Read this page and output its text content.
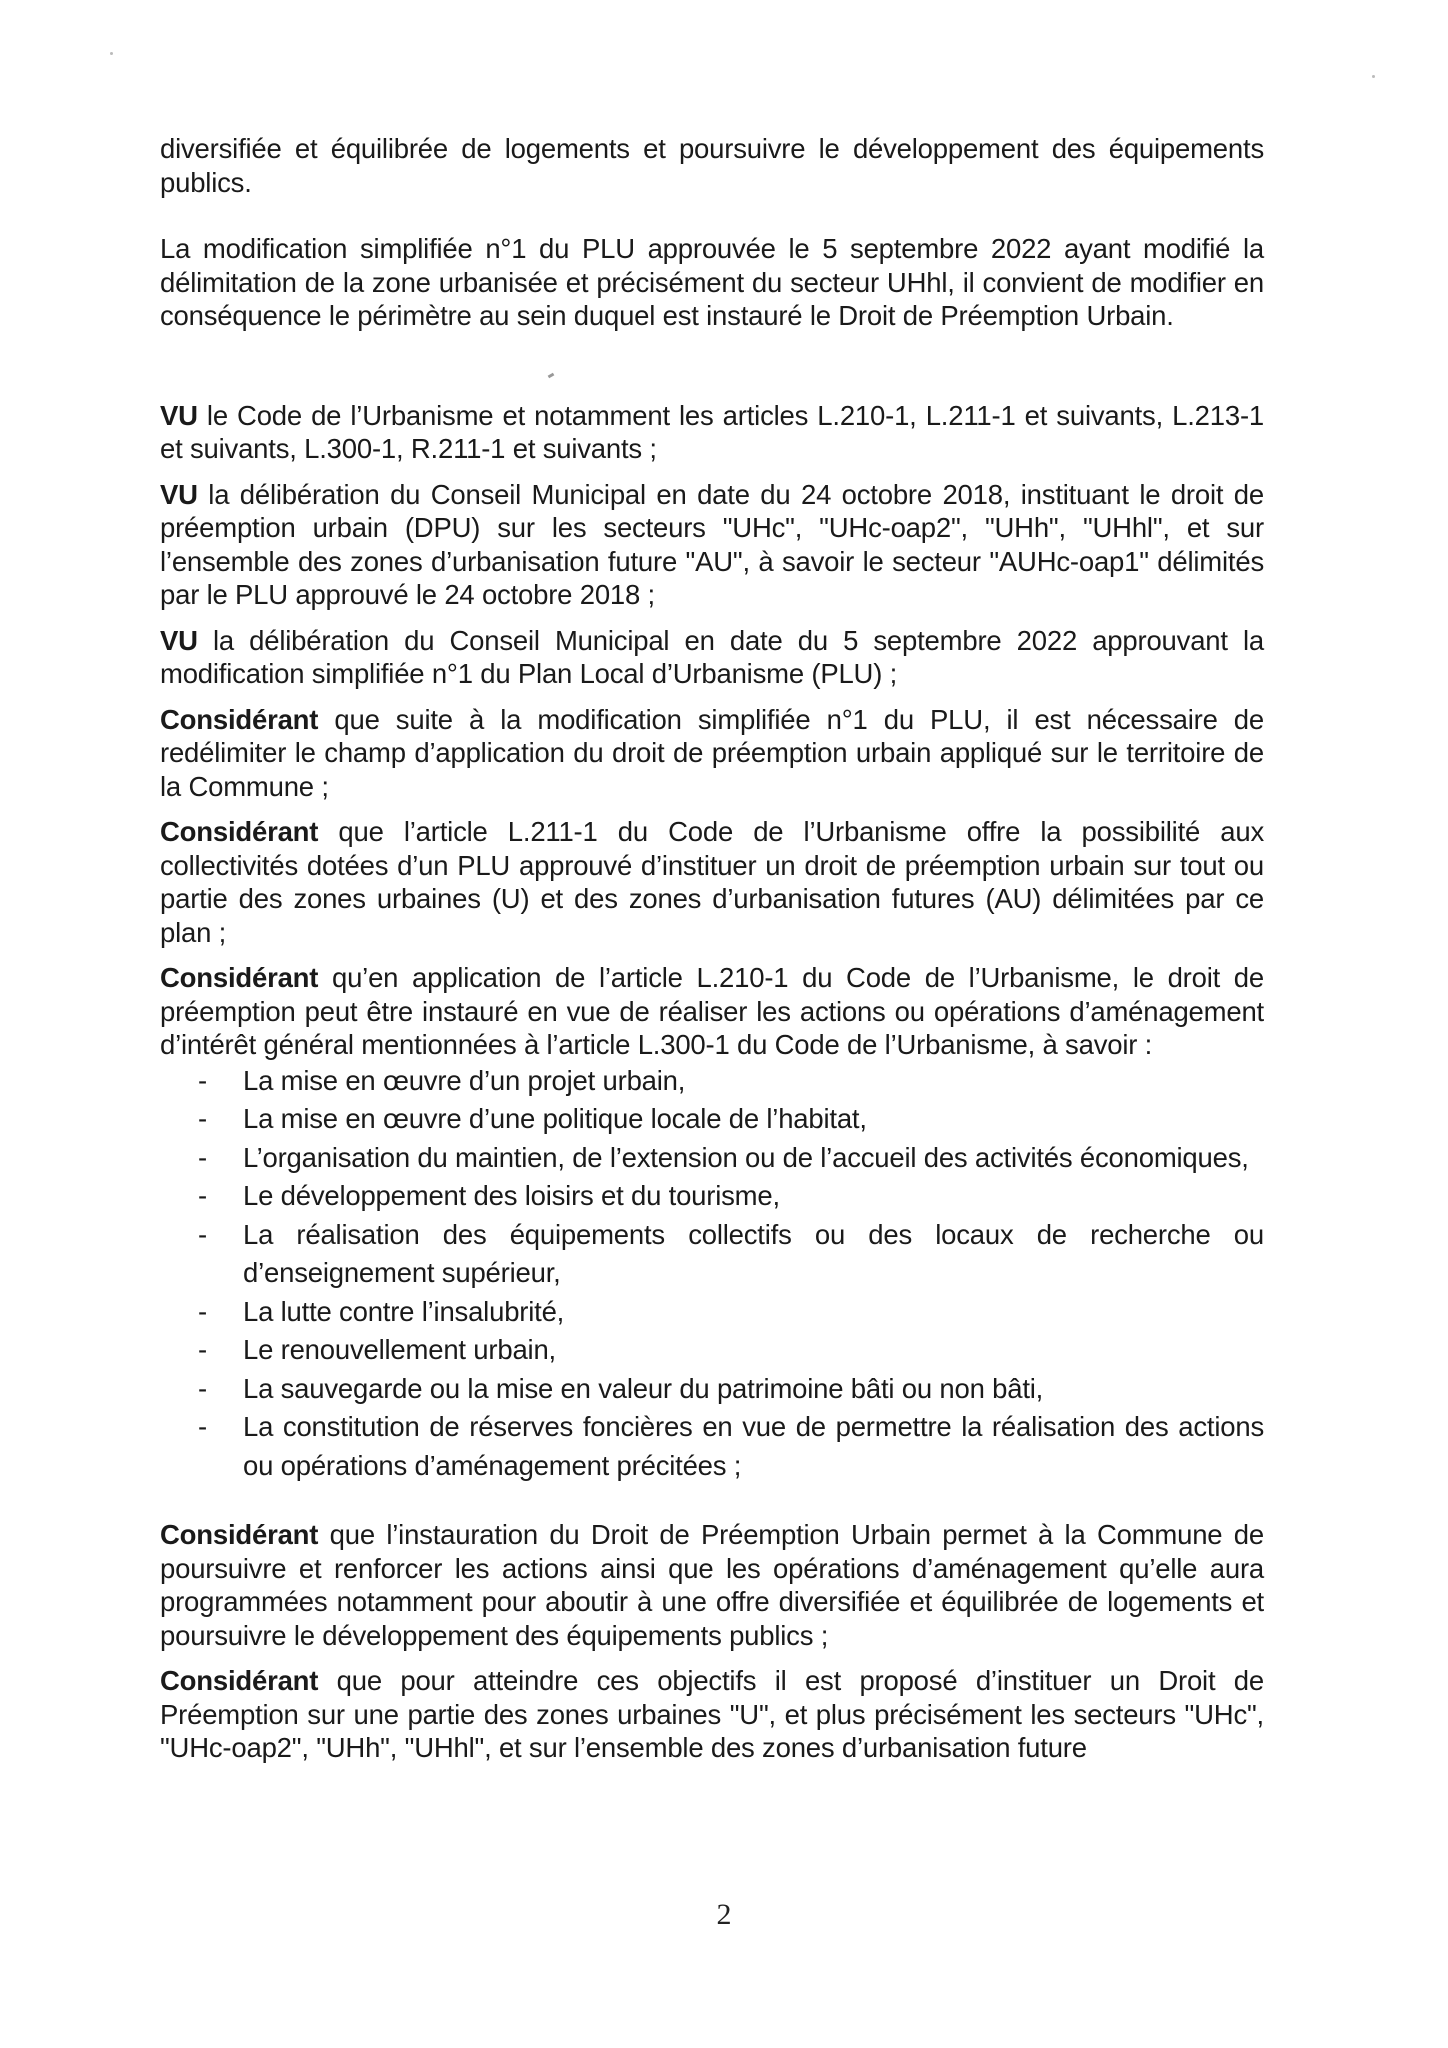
diversifiée et équilibrée de logements et poursuivre le développement des équipements publics.

La modification simplifiée n°1 du PLU approuvée le 5 septembre 2022 ayant modifié la délimitation de la zone urbanisée et précisément du secteur UHhl, il convient de modifier en conséquence le périmètre au sein duquel est instauré le Droit de Préemption Urbain.

VU le Code de l’Urbanisme et notamment les articles L.210-1, L.211-1 et suivants, L.213-1 et suivants, L.300-1, R.211-1 et suivants ;

VU la délibération du Conseil Municipal en date du 24 octobre 2018, instituant le droit de préemption urbain (DPU) sur les secteurs "UHc", "UHc-oap2", "UHh", "UHhl", et sur l’ensemble des zones d’urbanisation future "AU", à savoir le secteur "AUHc-oap1" délimités par le PLU approuvé le 24 octobre 2018 ;

VU la délibération du Conseil Municipal en date du 5 septembre 2022 approuvant la modification simplifiée n°1 du Plan Local d’Urbanisme (PLU) ;

Considérant que suite à la modification simplifiée n°1 du PLU, il est nécessaire de redélimiter le champ d’application du droit de préemption urbain appliqué sur le territoire de la Commune ;

Considérant que l’article L.211-1 du Code de l’Urbanisme offre la possibilité aux collectivités dotées d’un PLU approuvé d’instituer un droit de préemption urbain sur tout ou partie des zones urbaines (U) et des zones d’urbanisation futures (AU) délimitées par ce plan ;

Considérant qu’en application de l’article L.210-1 du Code de l’Urbanisme, le droit de préemption peut être instauré en vue de réaliser les actions ou opérations d’aménagement d’intérêt général mentionnées à l’article L.300-1 du Code de l’Urbanisme, à savoir :

- La mise en œuvre d’un projet urbain,
- La mise en œuvre d’une politique locale de l’habitat,
- L’organisation du maintien, de l’extension ou de l’accueil des activités économiques,
- Le développement des loisirs et du tourisme,
- La réalisation des équipements collectifs ou des locaux de recherche ou d’enseignement supérieur,
- La lutte contre l’insalubrité,
- Le renouvellement urbain,
- La sauvegarde ou la mise en valeur du patrimoine bâti ou non bâti,
- La constitution de réserves foncières en vue de permettre la réalisation des actions ou opérations d’aménagement précitées ;

Considérant que l’instauration du Droit de Préemption Urbain permet à la Commune de poursuivre et renforcer les actions ainsi que les opérations d’aménagement qu’elle aura programmées notamment pour aboutir à une offre diversifiée et équilibrée de logements et poursuivre le développement des équipements publics ;

Considérant que pour atteindre ces objectifs il est proposé d’instituer un Droit de Préemption sur une partie des zones urbaines "U", et plus précisément les secteurs "UHc", "UHc-oap2", "UHh", "UHhl", et sur l’ensemble des zones d’urbanisation future

2
